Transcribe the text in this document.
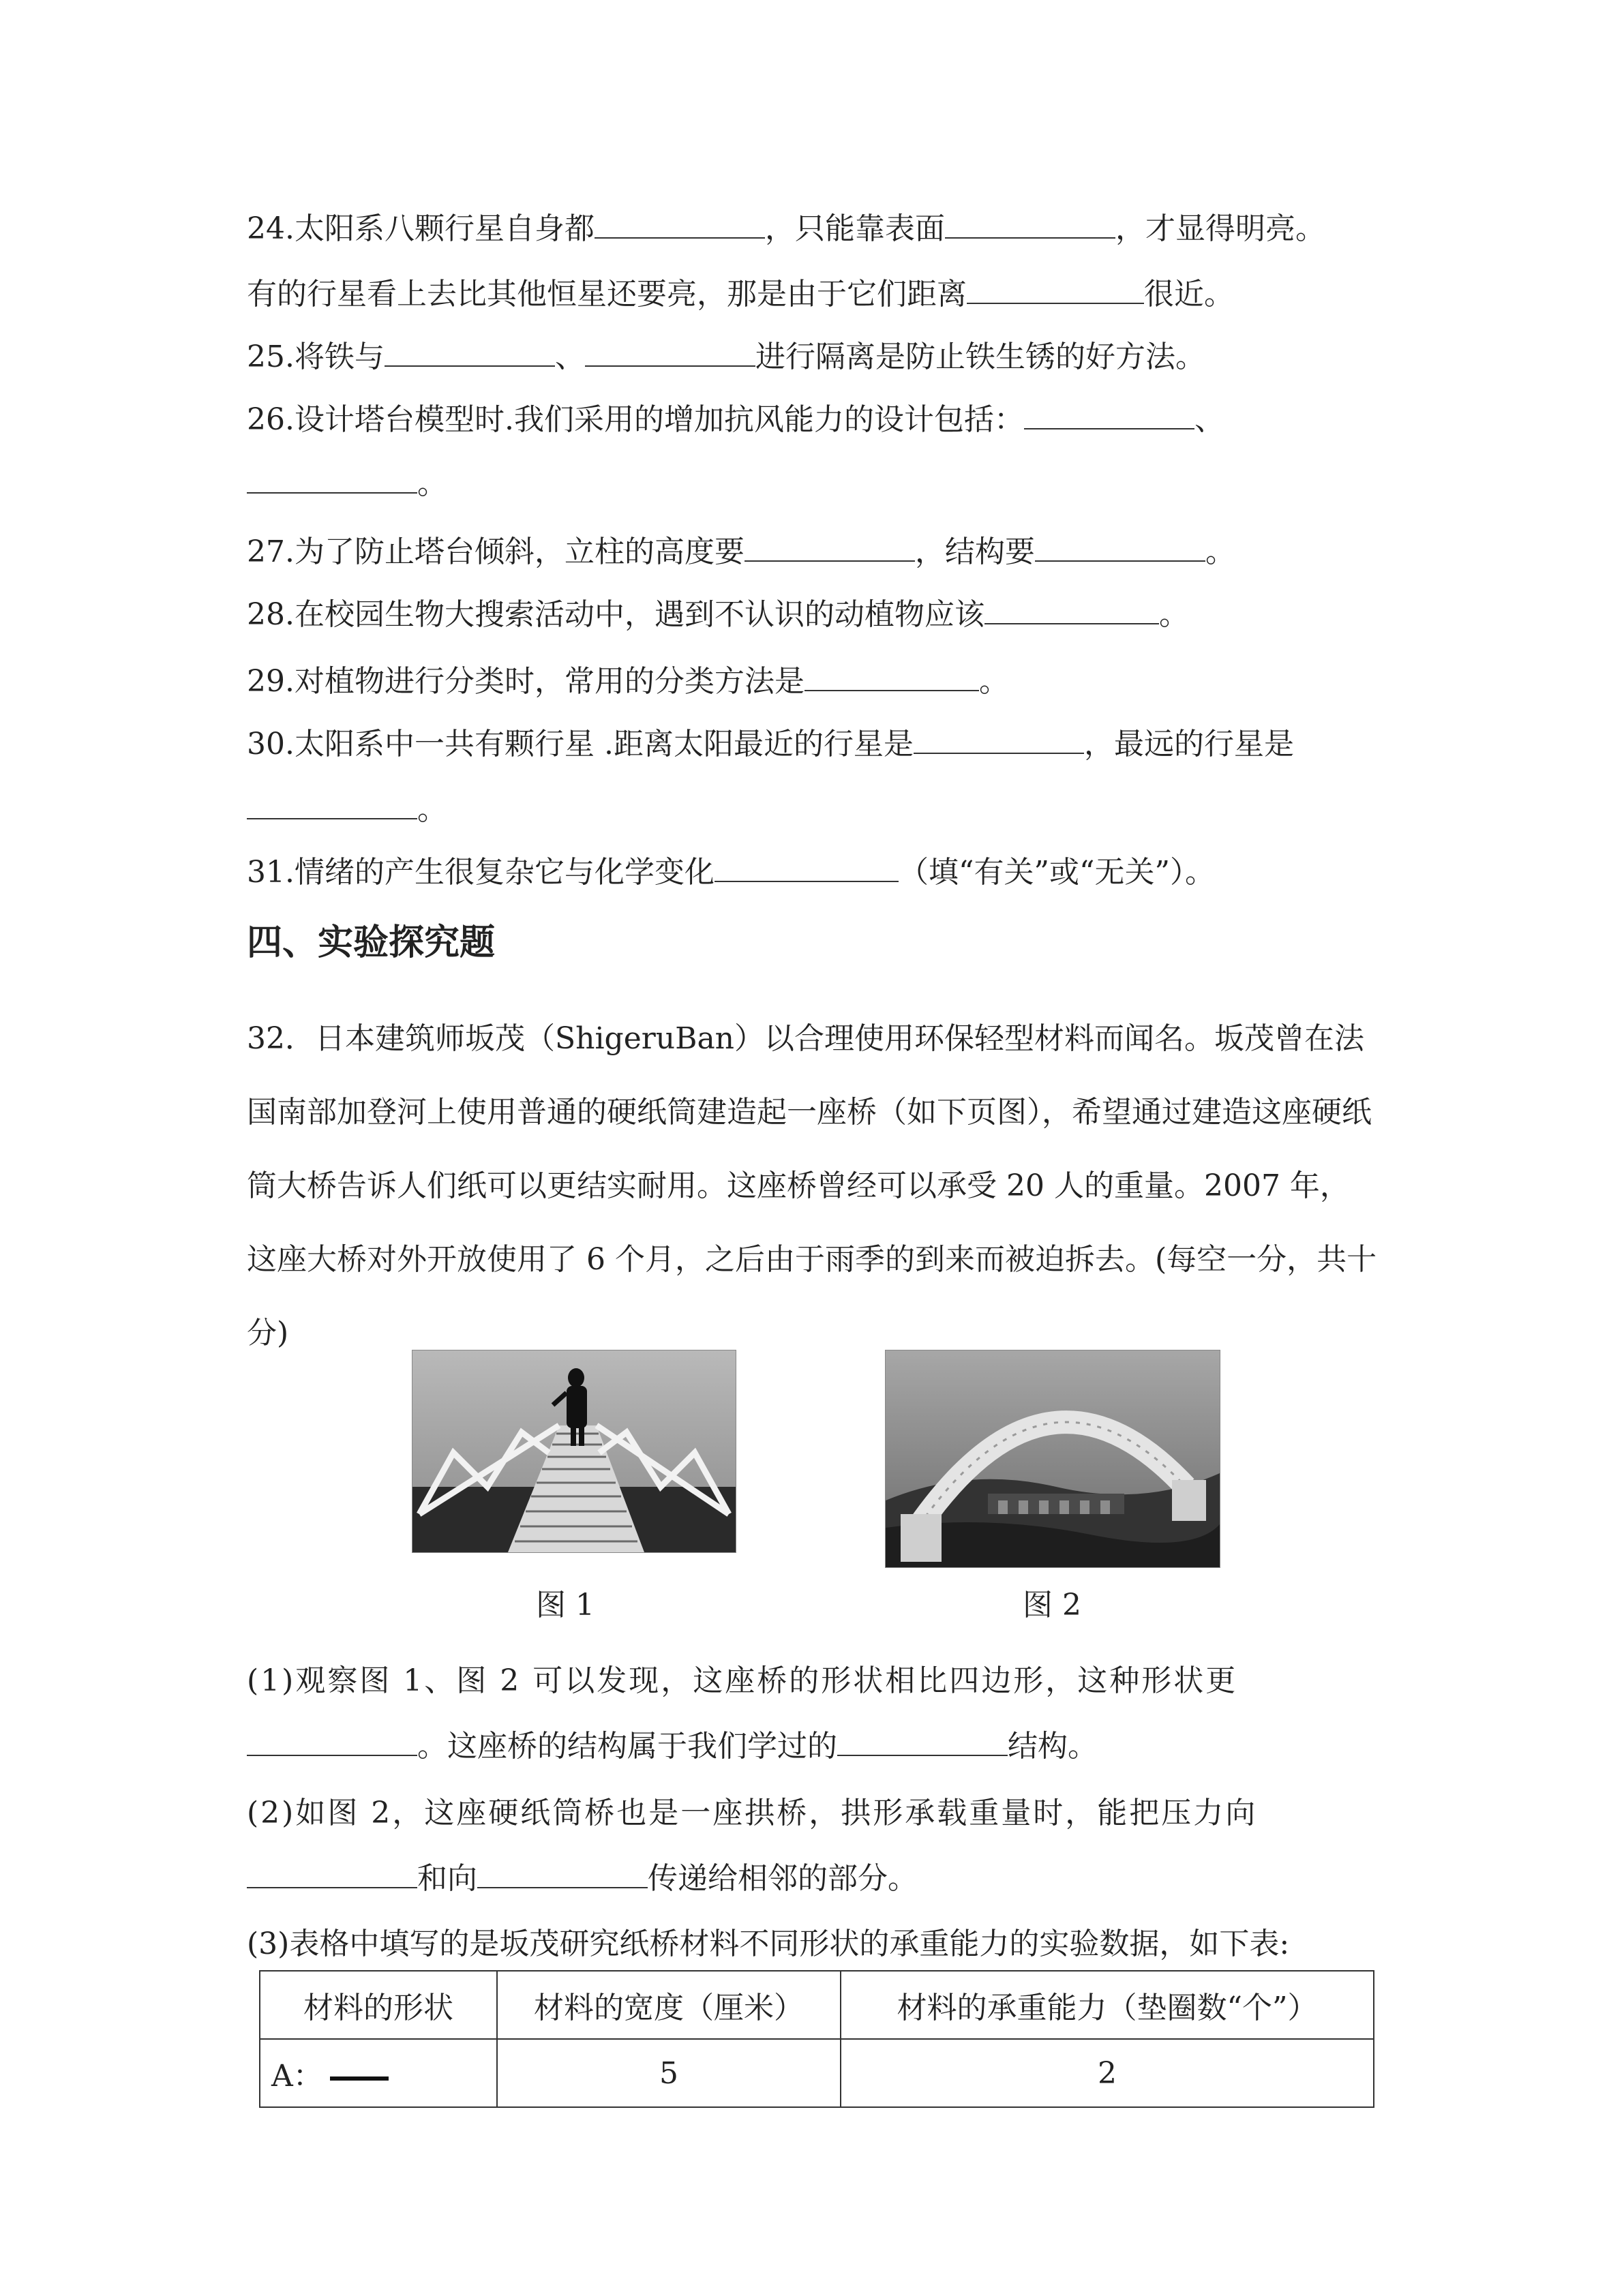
24.太阳系八颗行星自身都	，只能靠表面	，才显得明亮。
有的行星看上去比其他恒星还要亮，那是由于它们距离	很近。
25.将铁与	、	进行隔离是防止铁生锈的好方法。
26.设计塔台模型时.我们采用的增加抗风能力的设计包括：	、
。
27.为了防止塔台倾斜，立柱的高度要	，结构要	。
28.在校园生物大搜索活动中，遇到不认识的动植物应该	。
29.对植物进行分类时，常用的分类方法是	。
30.太阳系中一共有颗行星 .距离太阳最近的行星是	，最远的行星是
。
31.情绪的产生很复杂它与化学变化	（填“有关”或“无关”）。
四、实验探究题
32．日本建筑师坂茂（ShigeruBan）以合理使用环保轻型材料而闻名。坂茂曾在法国南部加登河上使用普通的硬纸筒建造起一座桥（如下页图），希望通过建造这座硬纸筒大桥告诉人们纸可以更结实耐用。这座桥曾经可以承受 20 人的重量。2007 年，这座大桥对外开放使用了 6 个月，之后由于雨季的到来而被迫拆去。(每空一分，共十分)
图 1	图 2
(1)观察图 1、图 2 可以发现，这座桥的形状相比四边形，这种形状更
。这座桥的结构属于我们学过的	结构。
(2)如图 2，这座硬纸筒桥也是一座拱桥，拱形承载重量时，能把压力向
和向	传递给相邻的部分。
(3)表格中填写的是坂茂研究纸桥材料不同形状的承重能力的实验数据，如下表:
材料的形状	材料的宽度（厘米）	材料的承重能力（垫圈数“个”）
A：	5	2
